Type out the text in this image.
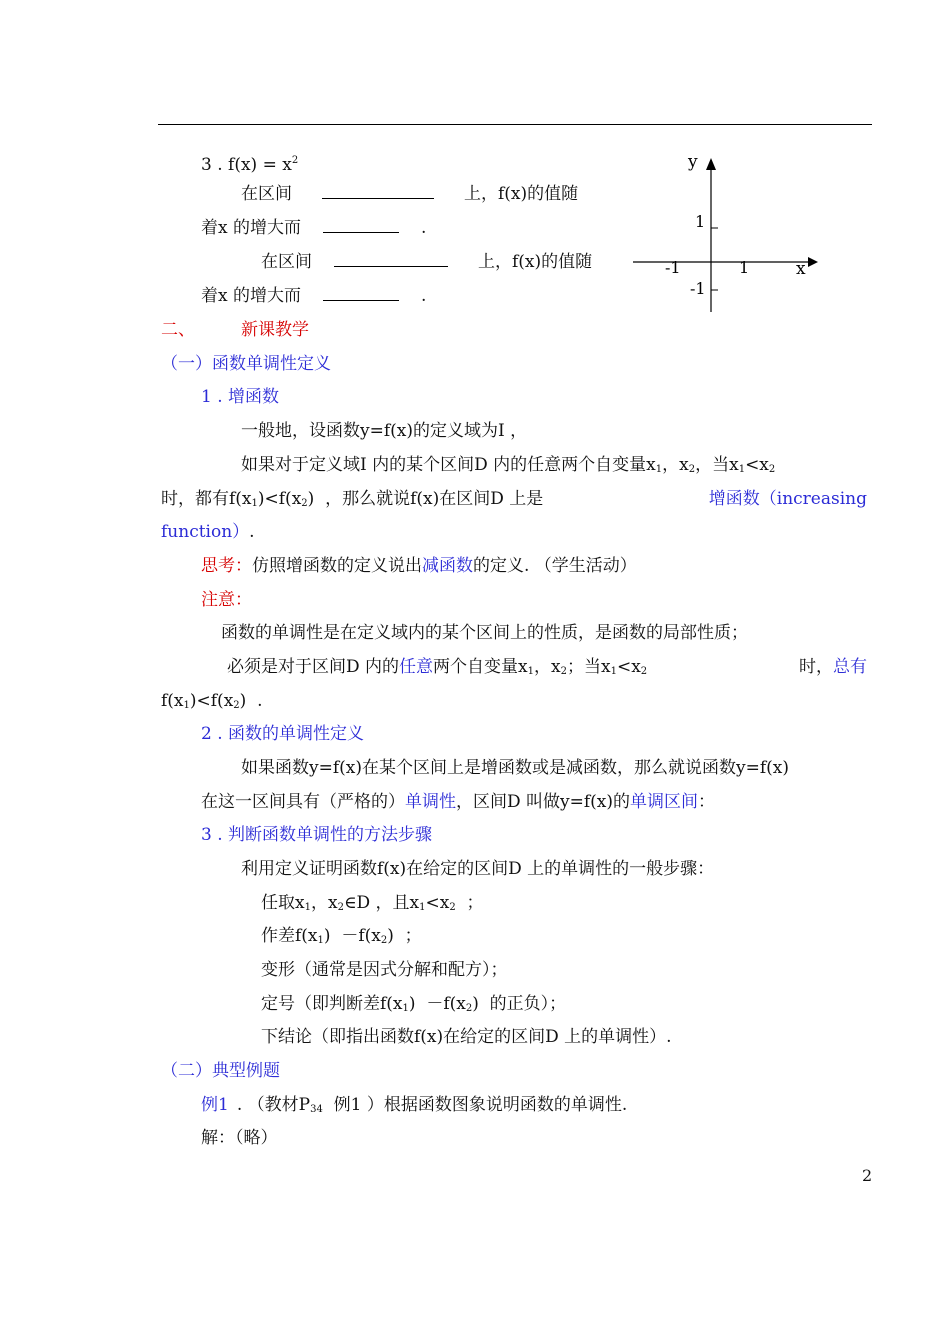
3 . $f(x) = x^2$
在区间	上，f(x)的值随
着x 的增大而	.
在区间	上，f(x)的值随
着x 的增大而	.
y
x
1
-1
-1	1
二、	新课教学
（一）函数单调性定义
1 . 增函数
一般地，设函数y=f(x)的定义域为I ，
如果对于定义域I 内的某个区间D 内的任意两个自变量$x_1$，$x_2$，当$x_1<x_2$
时，都有$f(x_1)<f(x_2)$  ，那么就说f(x)在区间D 上是	增函数（increasing
function）.
思考：仿照增函数的定义说出减函数的定义. （学生活动）
注意：
函数的单调性是在定义域内的某个区间上的性质，是函数的局部性质；
必须是对于区间D 内的任意两个自变量$x_1$，$x_2$；当$x_1<x_2$	时，总有
$f(x_1)<f(x_2)$  .
2 . 函数的单调性定义
如果函数y=f(x)在某个区间上是增函数或是减函数，那么就说函数y=f(x)
在这一区间具有（严格的）单调性，区间D 叫做y=f(x)的单调区间：
3 . 判断函数单调性的方法步骤
利用定义证明函数f(x)在给定的区间D 上的单调性的一般步骤：
任取$x_1$，$x_2\in D$ ，且$x_1<x_2$  ；
作差$f(x_1) -f(x_2)$  ；
变形（通常是因式分解和配方）；
定号（即判断差$f(x_1) -f(x_2)$  的正负）；
下结论（即指出函数f(x)在给定的区间D 上的单调性）.
（二）典型例题
例1 . （教材$P_{34}$  例1 ）根据函数图象说明函数的单调性.
解：（略）
2
